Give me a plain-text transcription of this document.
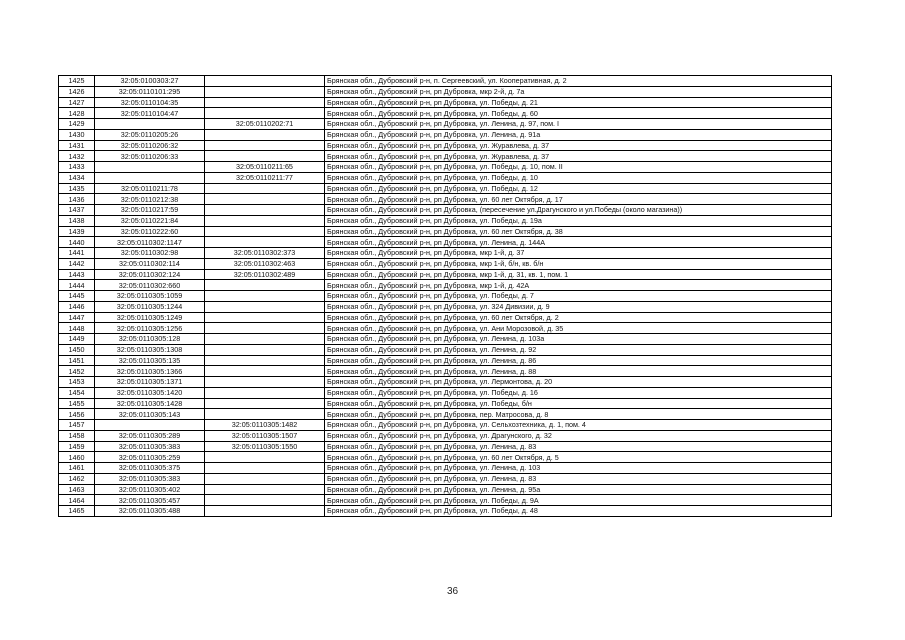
1425	32:05:0100303:27		Брянская обл., Дубровский р-н, п. Сергеевский, ул. Кооперативная, д. 2
1426	32:05:0110101:295		Брянская обл., Дубровский р-н, рп Дубровка, мкр 2-й, д. 7а
1427	32:05:0110104:35		Брянская обл., Дубровский р-н, рп Дубровка, ул. Победы, д. 21
1428	32:05:0110104:47		Брянская обл., Дубровский р-н, рп Дубровка, ул. Победы, д. 60
1429		32:05:0110202:71	Брянская обл., Дубровский р-н, рп Дубровка, ул. Ленина, д. 97, пом. I
1430	32:05:0110205:26		Брянская обл., Дубровский р-н, рп Дубровка, ул. Ленина, д. 91а
1431	32:05:0110206:32		Брянская обл., Дубровский р-н, рп Дубровка, ул. Журавлева, д. 37
1432	32:05:0110206:33		Брянская обл., Дубровский р-н, рп Дубровка, ул. Журавлева, д. 37
1433		32:05:0110211:65	Брянская обл., Дубровский р-н, рп Дубровка, ул. Победы, д. 10, пом. II
1434		32:05:0110211:77	Брянская обл., Дубровский р-н, рп Дубровка, ул. Победы, д. 10
1435	32:05:0110211:78		Брянская обл., Дубровский р-н, рп Дубровка, ул. Победы, д. 12
1436	32:05:0110212:38		Брянская обл., Дубровский р-н, рп Дубровка, ул. 60 лет Октября, д. 17
1437	32:05:0110217:59		Брянская обл., Дубровский р-н, рп Дубровка, (пересечение ул.Драгунского и ул.Победы (около магазина))
1438	32:05:0110221:84		Брянская обл., Дубровский р-н, рп Дубровка, ул. Победы, д. 19а
1439	32:05:0110222:60		Брянская обл., Дубровский р-н, рп Дубровка, ул. 60 лет Октября, д. 38
1440	32:05:0110302:1147		Брянская обл., Дубровский р-н, рп Дубровка, ул. Ленина, д. 144А
1441	32:05:0110302:98	32:05:0110302:373	Брянская обл., Дубровский р-н, рп Дубровка, мкр 1-й, д. 37
1442	32:05:0110302:114	32:05:0110302:463	Брянская обл., Дубровский р-н, рп Дубровка, мкр 1-й, б/н, кв. б/н
1443	32:05:0110302:124	32:05:0110302:489	Брянская обл., Дубровский р-н, рп Дубровка, мкр 1-й, д. 31, кв. 1, пом. 1
1444	32:05:0110302:660		Брянская обл., Дубровский р-н, рп Дубровка, мкр 1-й, д. 42А
1445	32:05:0110305:1059		Брянская обл., Дубровский р-н, рп Дубровка, ул. Победы, д. 7
1446	32:05:0110305:1244		Брянская обл., Дубровский р-н, рп Дубровка, ул. 324 Дивизии, д. 9
1447	32:05:0110305:1249		Брянская обл., Дубровский р-н, рп Дубровка, ул. 60 лет Октября, д. 2
1448	32:05:0110305:1256		Брянская обл., Дубровский р-н, рп Дубровка, ул. Ани Морозовой, д. 35
1449	32:05:0110305:128		Брянская обл., Дубровский р-н, рп Дубровка, ул. Ленина, д. 103а
1450	32:05:0110305:1308		Брянская обл., Дубровский р-н, рп Дубровка, ул. Ленина, д. 92
1451	32:05:0110305:135		Брянская обл., Дубровский р-н, рп Дубровка, ул. Ленина, д. 86
1452	32:05:0110305:1366		Брянская обл., Дубровский р-н, рп Дубровка, ул. Ленина, д. 88
1453	32:05:0110305:1371		Брянская обл., Дубровский р-н, рп Дубровка, ул. Лермонтова, д. 20
1454	32:05:0110305:1420		Брянская обл., Дубровский р-н, рп Дубровка, ул. Победы, д. 16
1455	32:05:0110305:1428		Брянская обл., Дубровский р-н, рп Дубровка, ул. Победы, б/н
1456	32:05:0110305:143		Брянская обл., Дубровский р-н, рп Дубровка, пер. Матросова, д. 8
1457		32:05:0110305:1482	Брянская обл., Дубровский р-н, рп Дубровка, ул. Сельхозтехника, д. 1, пом. 4
1458	32:05:0110305:289	32:05:0110305:1507	Брянская обл., Дубровский р-н, рп Дубровка, ул. Драгунского, д. 32
1459	32:05:0110305:383	32:05:0110305:1550	Брянская обл., Дубровский р-н, рп Дубровка, ул. Ленина, д. 83
1460	32:05:0110305:259		Брянская обл., Дубровский р-н, рп Дубровка, ул. 60 лет Октября, д. 5
1461	32:05:0110305:375		Брянская обл., Дубровский р-н, рп Дубровка, ул. Ленина, д. 103
1462	32:05:0110305:383		Брянская обл., Дубровский р-н, рп Дубровка, ул. Ленина, д. 83
1463	32:05:0110305:402		Брянская обл., Дубровский р-н, рп Дубровка, ул. Ленина, д. 95а
1464	32:05:0110305:457		Брянская обл., Дубровский р-н, рп Дубровка, ул. Победы, д. 9А
1465	32:05:0110305:488		Брянская обл., Дубровский р-н, рп Дубровка, ул. Победы, д. 48
36
